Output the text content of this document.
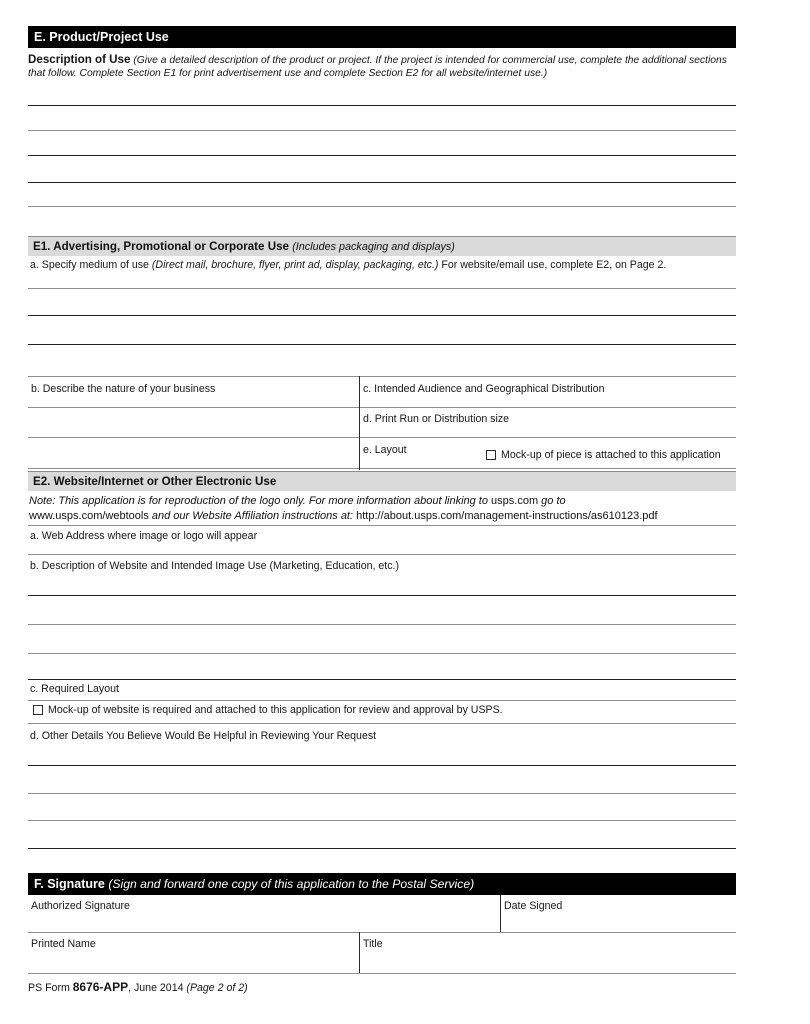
E. Product/Project Use
Description of Use (Give a detailed description of the product or project. If the project is intended for commercial use, complete the additional sections that follow. Complete Section E1 for print advertisement use and complete Section E2 for all website/internet use.)
E1. Advertising, Promotional or Corporate Use (Includes packaging and displays)
a. Specify medium of use (Direct mail, brochure, flyer, print ad, display, packaging, etc.) For website/email use, complete E2, on Page 2.
b. Describe the nature of your business	c. Intended Audience and Geographical Distribution
d. Print Run or Distribution size
e. Layout	Mock-up of piece is attached to this application
E2. Website/Internet or Other Electronic Use
Note: This application is for reproduction of the logo only. For more information about linking to usps.com go to
www.usps.com/webtools and our Website Affiliation instructions at: http://about.usps.com/management-instructions/as610123.pdf
a. Web Address where image or logo will appear
b. Description of Website and Intended Image Use (Marketing, Education, etc.)
c. Required Layout
Mock-up of website is required and attached to this application for review and approval by USPS.
d. Other Details You Believe Would Be Helpful in Reviewing Your Request
F. Signature (Sign and forward one copy of this application to the Postal Service)
Authorized Signature	Date Signed
Printed Name	Title
PS Form 8676-APP, June 2014 (Page 2 of 2)
